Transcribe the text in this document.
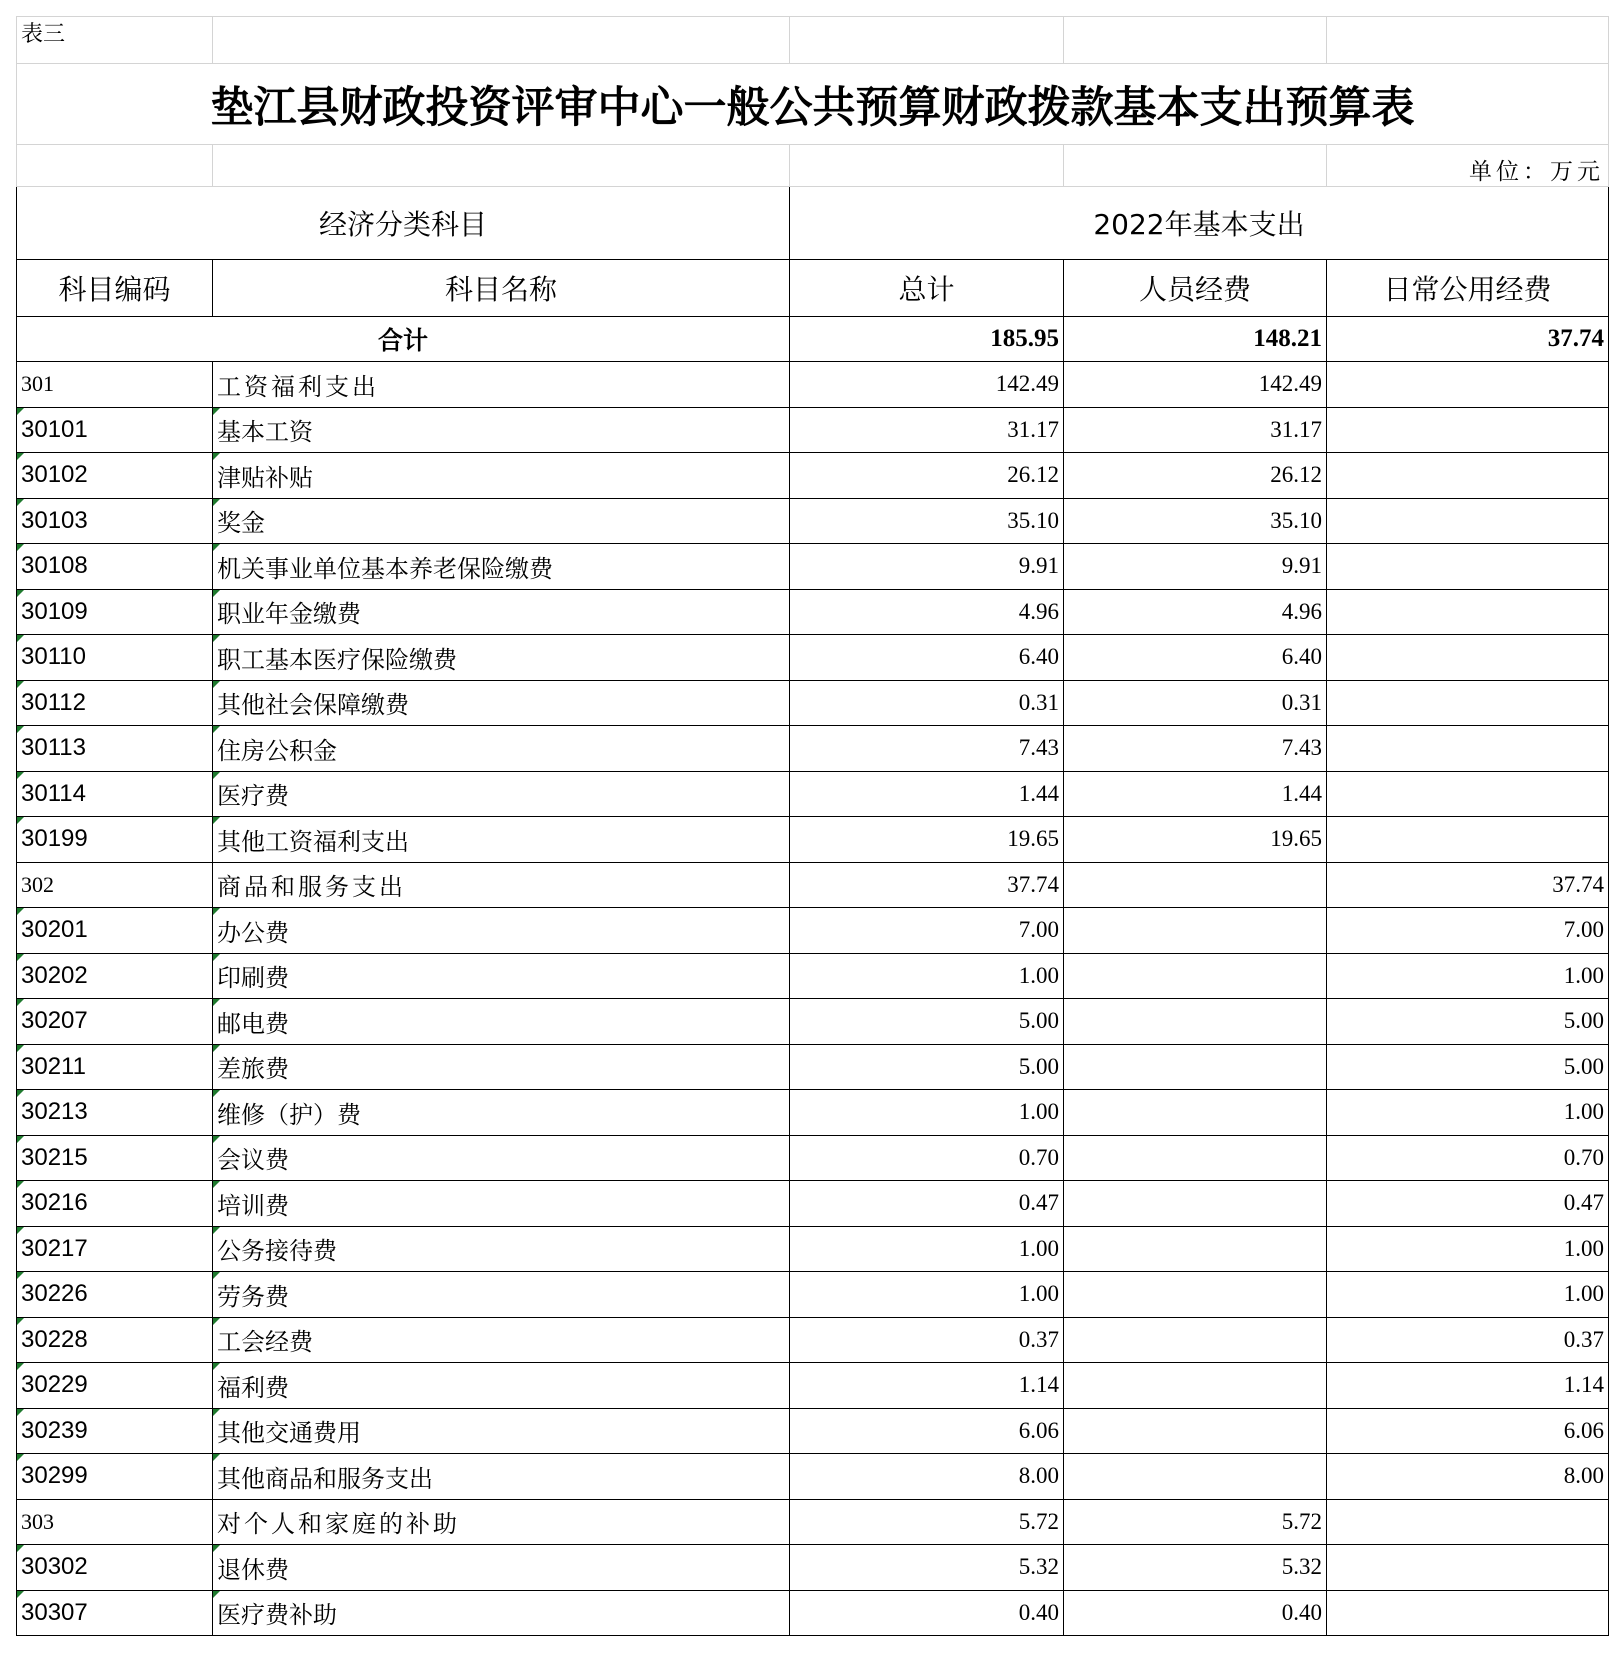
表三				
垫江县财政投资评审中心一般公共预算财政拨款基本支出预算表				
				单位：万元
经济分类科目		2022年基本支出		
科目编码	科目名称	总计	人员经费	日常公用经费
合计		185.95	148.21	37.74
301	工资福利支出	142.49	142.49	
30101	基本工资	31.17	31.17	
30102	津贴补贴	26.12	26.12	
30103	奖金	35.10	35.10	
30108	机关事业单位基本养老保险缴费	9.91	9.91	
30109	职业年金缴费	4.96	4.96	
30110	职工基本医疗保险缴费	6.40	6.40	
30112	其他社会保障缴费	0.31	0.31	
30113	住房公积金	7.43	7.43	
30114	医疗费	1.44	1.44	
30199	其他工资福利支出	19.65	19.65	
302	商品和服务支出	37.74		37.74
30201	办公费	7.00		7.00
30202	印刷费	1.00		1.00
30207	邮电费	5.00		5.00
30211	差旅费	5.00		5.00
30213	维修（护）费	1.00		1.00
30215	会议费	0.70		0.70
30216	培训费	0.47		0.47
30217	公务接待费	1.00		1.00
30226	劳务费	1.00		1.00
30228	工会经费	0.37		0.37
30229	福利费	1.14		1.14
30239	其他交通费用	6.06		6.06
30299	其他商品和服务支出	8.00		8.00
303	对个人和家庭的补助	5.72	5.72	
30302	退休费	5.32	5.32	
30307	医疗费补助	0.40	0.40	
